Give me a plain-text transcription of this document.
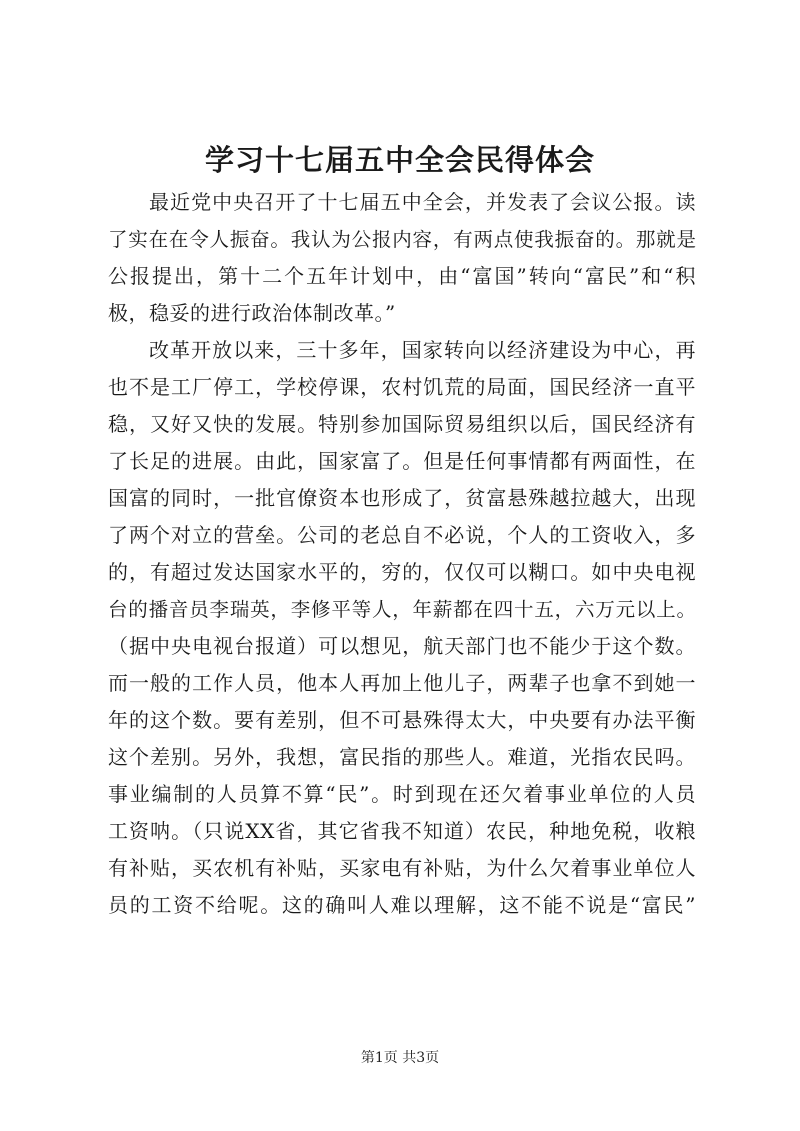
学习十七届五中全会民得体会
最近党中央召开了十七届五中全会，并发表了会议公报。读
了实在在令人振奋。我认为公报内容，有两点使我振奋的。那就是
公报提出，第十二个五年计划中，由“富国”转向“富民”和“积
极，稳妥的进行政治体制改革。”
改革开放以来，三十多年，国家转向以经济建设为中心，再
也不是工厂停工，学校停课，农村饥荒的局面，国民经济一直平
稳，又好又快的发展。特别参加国际贸易组织以后，国民经济有
了长足的进展。由此，国家富了。但是任何事情都有两面性，在
国富的同时，一批官僚资本也形成了，贫富悬殊越拉越大，出现
了两个对立的营垒。公司的老总自不必说，个人的工资收入，多
的，有超过发达国家水平的，穷的，仅仅可以糊口。如中央电视
台的播音员李瑞英，李修平等人，年薪都在四十五，六万元以上。
（据中央电视台报道）可以想见，航天部门也不能少于这个数。
而一般的工作人员，他本人再加上他儿子，两辈子也拿不到她一
年的这个数。要有差别，但不可悬殊得太大，中央要有办法平衡
这个差别。另外，我想，富民指的那些人。难道，光指农民吗。
事业编制的人员算不算“民”。时到现在还欠着事业单位的人员
工资呐。（只说XX省，其它省我不知道）农民，种地免税，收粮
有补贴，买农机有补贴，买家电有补贴，为什么欠着事业单位人
员的工资不给呢。这的确叫人难以理解，这不能不说是“富民”
第1页 共3页
